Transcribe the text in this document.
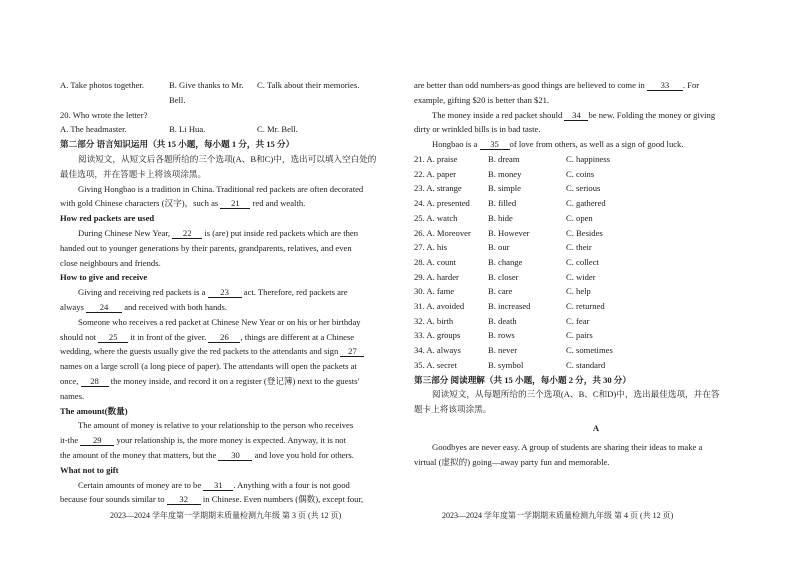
A. Take photos together.	B. Give thanks to Mr. Bell.
C. Talk about their memories.
20. Who wrote the letter?
A. The headmaster.	B. Li Hua.	C. Mr. Bell.
第二部分 语言知识运用（共 15 小题，每小题 1 分，共 15 分）
阅读短文，从短文后各题所给的三个选项(A、B和C)中，选出可以填入空白处的
最佳选项，并在答题卡上将该项涂黑。
Giving Hongbao is a tradition in China. Traditional red packets are often decorated
with gold Chinese characters (汉字)，such as 21 red and wealth.
How red packets are used
During Chinese New Year, 22 is (are) put inside red packets which are then
handed out to younger generations by their parents, grandparents, relatives, and even
close neighbours and friends.
How to give and receive
Giving and receiving red packets is a 23 act. Therefore, red packets are
always 24 and received with both hands.
Someone who receives a red packet at Chinese New Year or on his or her birthday
should not 25 it in front of the giver. 26 , things are different at a Chinese
wedding, where the guests usually give the red packets to the attendants and sign 27
names on a large scroll (a long piece of paper). The attendants will open the packets at
once, 28 the money inside, and record it on a register (登记簿) next to the guests'
names.
The amount(数量)
The amount of money is relative to your relationship to the person who receives
it-the 29 your relationship is, the more money is expected. Anyway, it is not
the amount of the money that matters, but the 30 and love you hold for others.
What not to gift
Certain amounts of money are to be 31 . Anything with a four is not good
because four sounds similar to 32 in Chinese. Even numbers (偶数), except four,
2023—2024 学年度第一学期期末质量检测九年级 第 3 页 (共 12 页)
are better than odd numbers-as good things are believed to come in 33 . For
example, gifting $20 is better than $21.
The money inside a red packet should 34 be new. Folding the money or giving
dirty or wrinkled bills is in bad taste.
Hongbao is a 35 of love from others, as well as a sign of good luck.
21. A. praise	B. dream	C. happiness
22. A. paper	B. money	C. coins
23. A. strange	B. simple	C. serious
24. A. presented	B. filled	C. gathered
25. A. watch	B. hide	C. open
26. A. Moreover	B. However	C. Besides
27. A. his	B. our	C. their
28. A. count	B. change	C. collect
29. A. harder	B. closer	C. wider
30. A. fame	B. care	C. help
31. A. avoided	B. increased	C. returned
32. A. birth	B. death	C. fear
33. A. groups	B. rows	C. pairs
34. A. always	B. never	C. sometimes
35. A. secret	B. symbol	C. standard
第三部分 阅读理解（共 15 小题，每小题 2 分，共 30 分）
阅读短文，从每题所给的三个选项(A、B、C和D)中，选出最佳选项，并在答
题卡上将该项涂黑。
A
Goodbyes are never easy. A group of students are sharing their ideas to make a
virtual (虚拟的) going—away party fun and memorable.
2023—2024 学年度第一学期期末质量检测九年级 第 4 页 (共 12 页)
